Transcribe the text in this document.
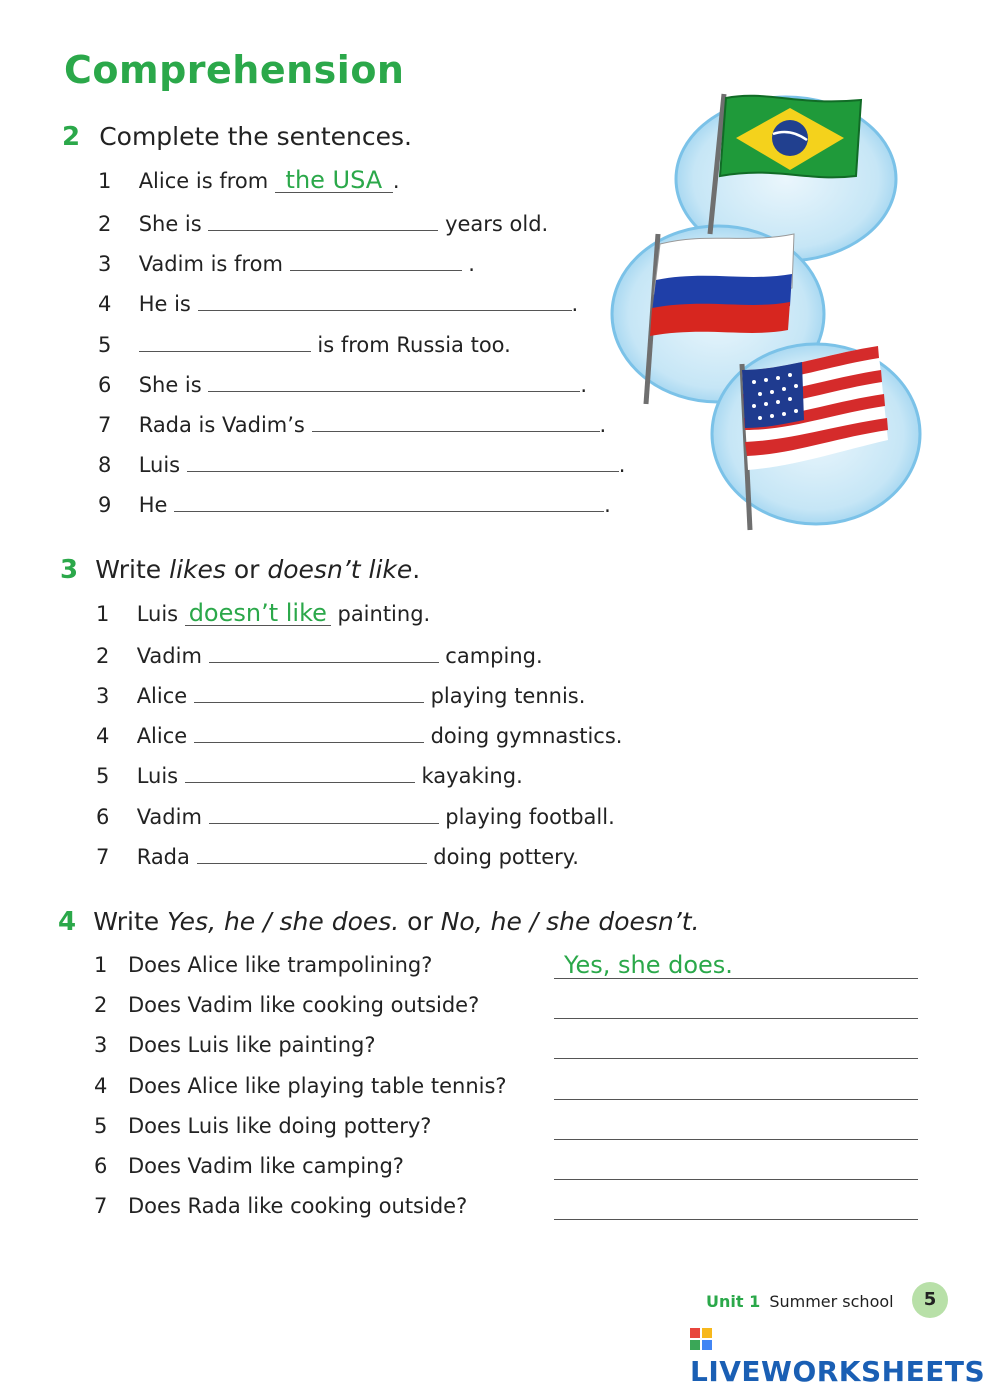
Comprehension
2 Complete the sentences.
1 Alice is from the USA .
2 She is	years old.
3 Vadim is from	.
4 He is	.
5	is from Russia too.
6 She is	.
7 Rada is Vadim’s	.
8 Luis	.
9 He	.
3 Write likes or doesn’t like.
1 Luis doesn’t like painting.
2 Vadim	camping.
3 Alice	playing tennis.
4 Alice	doing gymnastics.
5 Luis	kayaking.
6 Vadim	playing football.
7 Rada	doing pottery.
4 Write Yes, he / she does. or No, he / she doesn’t.
1 Does Alice like trampolining?	Yes, she does.
2 Does Vadim like cooking outside?
3 Does Luis like painting?
4 Does Alice like playing table tennis?
5 Does Luis like doing pottery?
6 Does Vadim like camping?
7 Does Rada like cooking outside?
Unit 1 Summer school	5
LIVEWORKSHEETS
